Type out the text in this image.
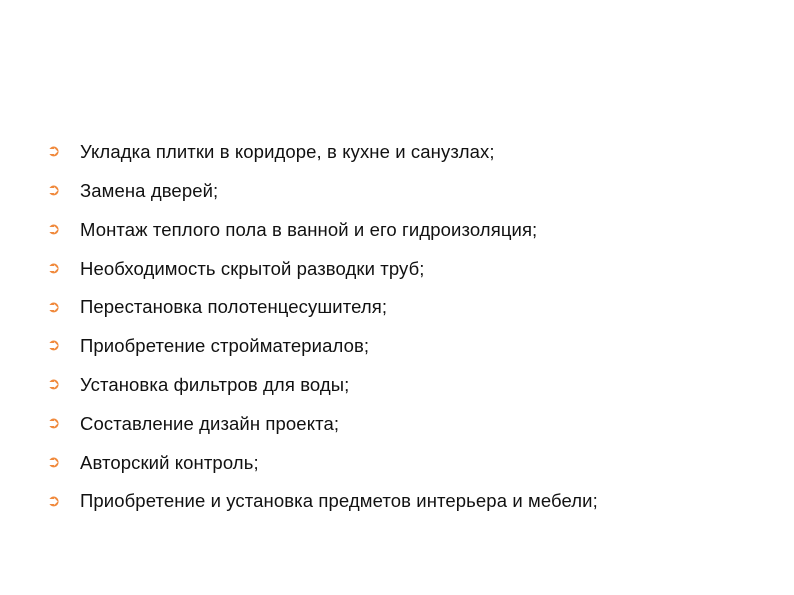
➲	Укладка плитки в коридоре, в кухне и санузлах;
➲	Замена дверей;
➲	Монтаж теплого пола в ванной и его гидроизоляция;
➲	Необходимость скрытой разводки труб;
➲	Перестановка полотенцесушителя;
➲	Приобретение стройматериалов;
➲	Установка фильтров для воды;
➲	Составление дизайн проекта;
➲	Авторский контроль;
➲	Приобретение и установка предметов интерьера и мебели;
